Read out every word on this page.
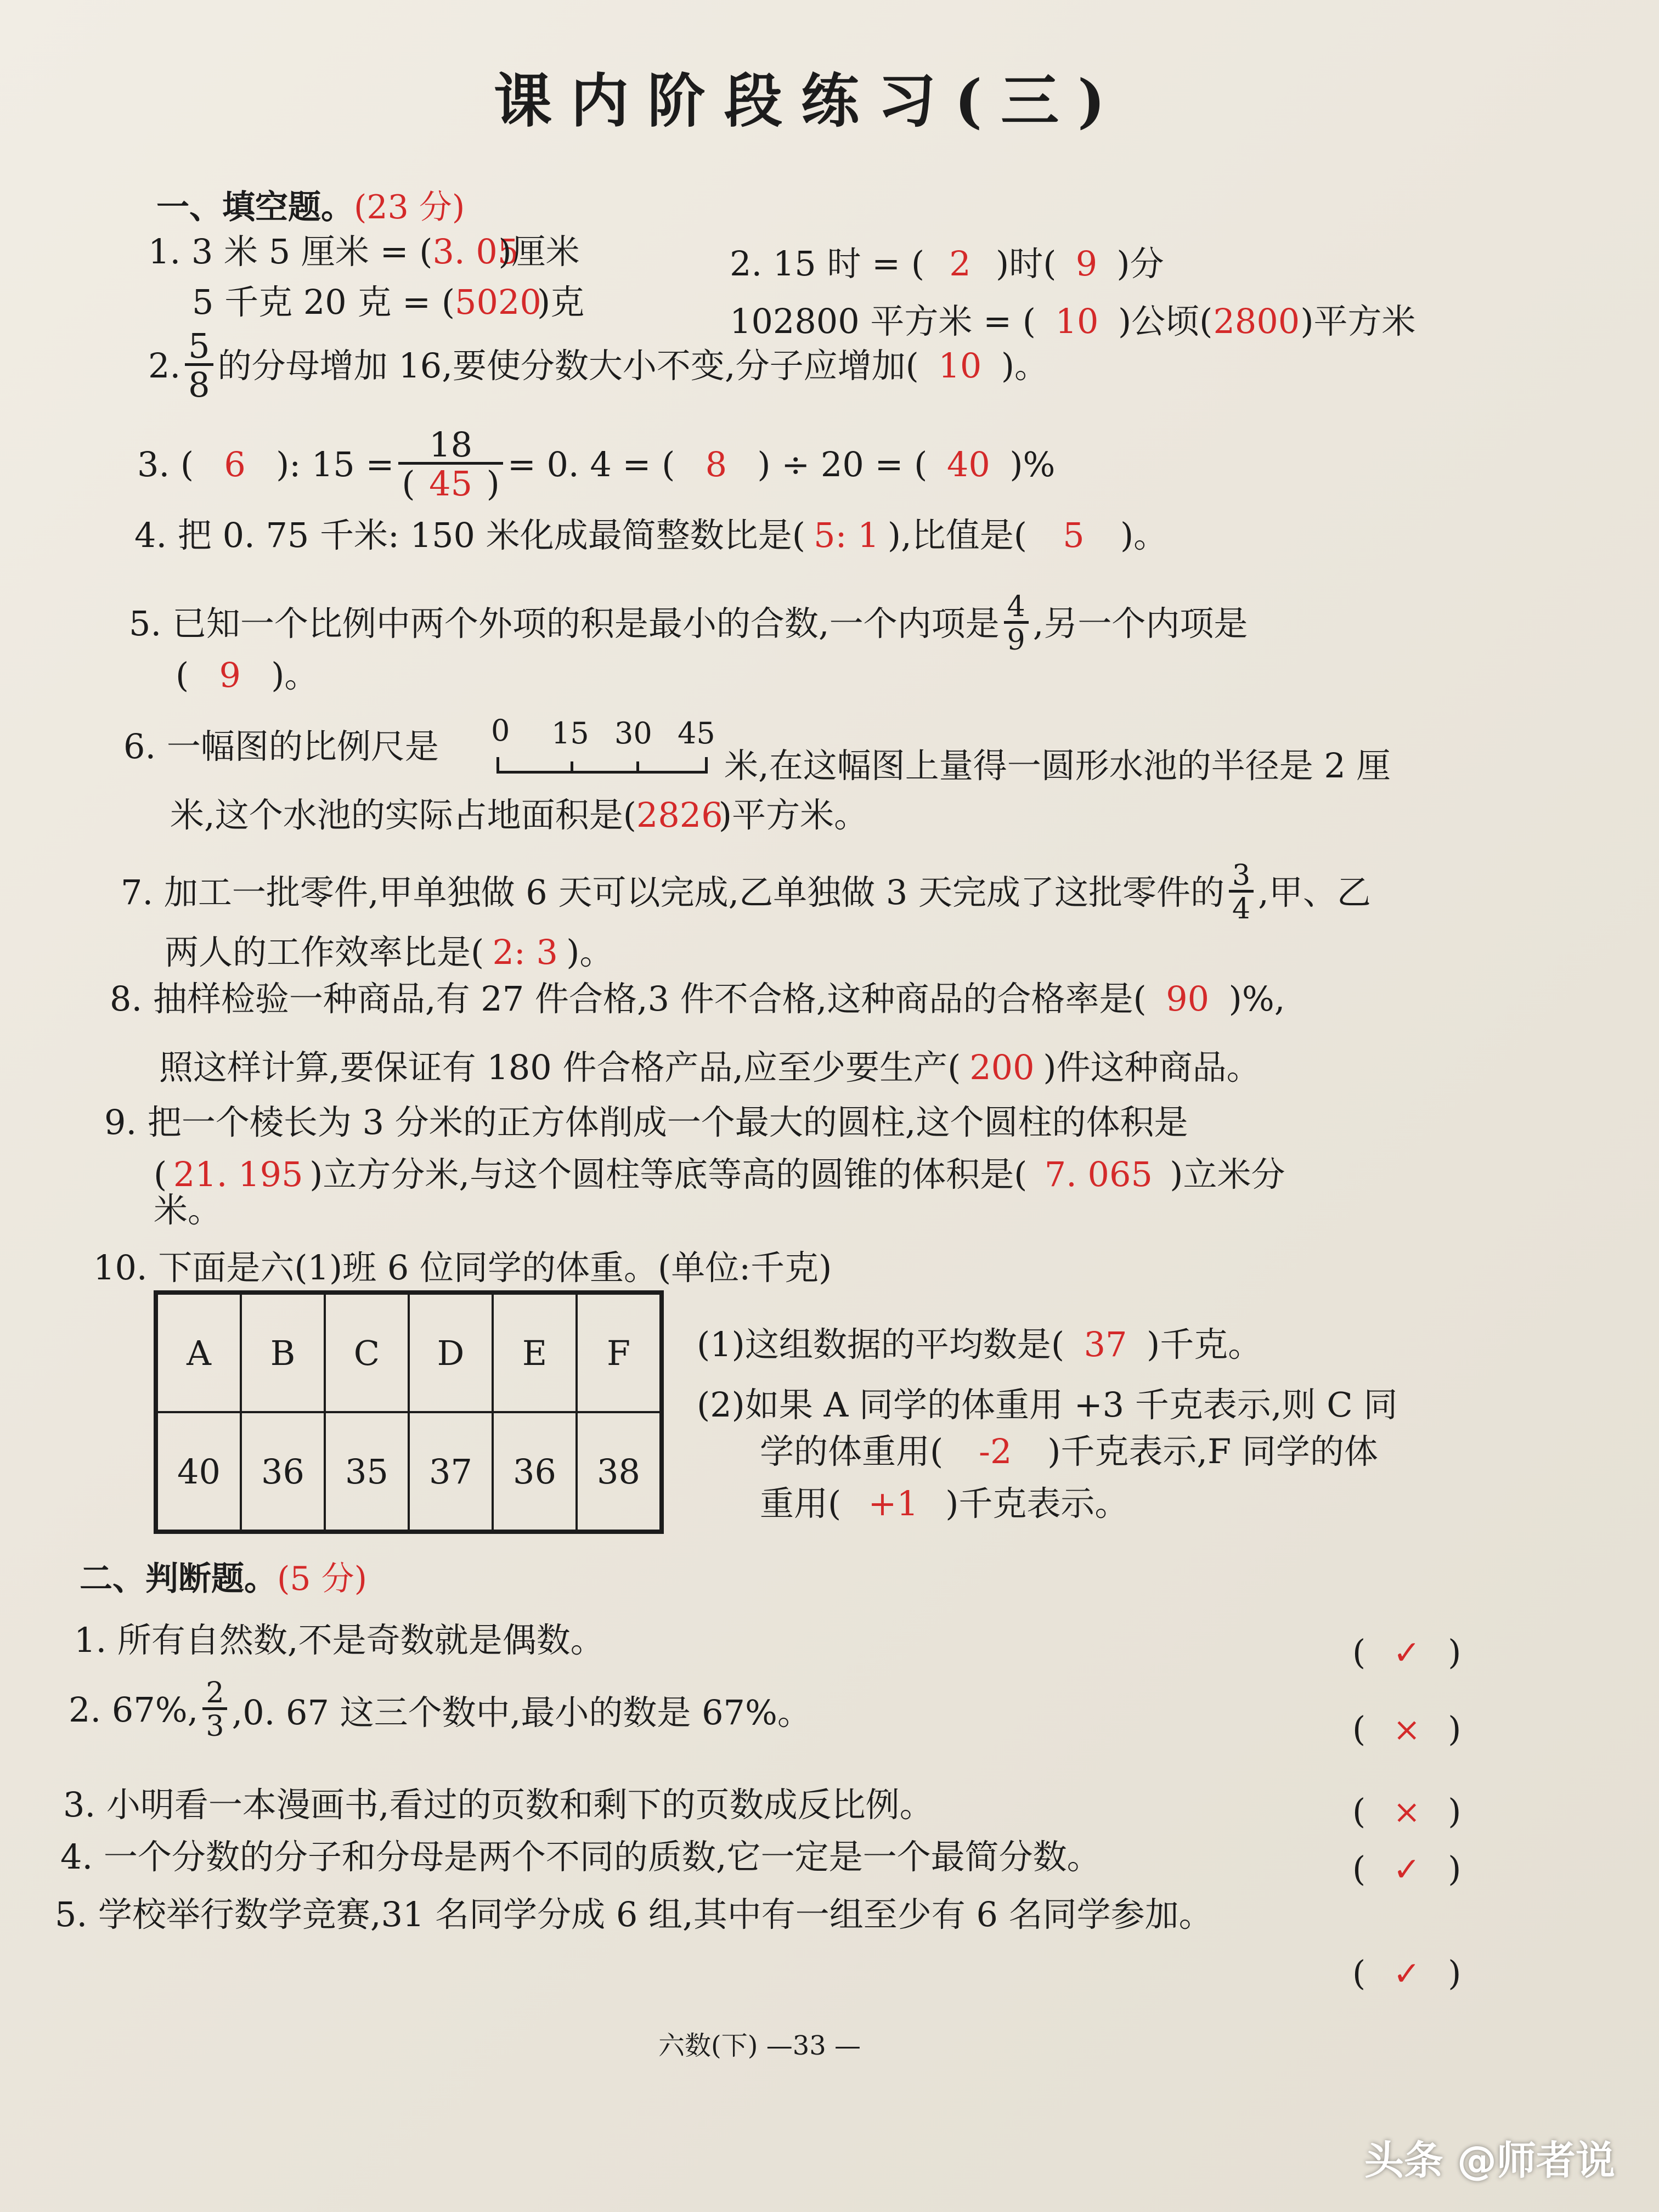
课内阶段练习(三)
一、填空题。(23 分)
1. 3 米 5 厘米 = (3. 05)厘米	2. 15 时 = ( 2 )时( 9 )分
5 千克 20 克 = (5020)克	102800 平方米 = ( 10 )公顷(2800)平方米
2. $\frac{5}{8}$ 的分母增加 16,要使分数大小不变,分子应增加( 10 )。
3.
( 6 ): $15 = \frac{18}{( 45 )} = 0$. 4 = ( 8 ) ÷ 20 = ( 40 )%
4. 把 0. 75 千米: 150 米化成最简整数比是( 5: 1 ),比值是( 5 )。
5.
已知一个比例中两个外项的积是最小的合数,一个内项是 $\frac{4}{9}$ ,另一个内项是
( 9 )。
6. 一幅图的比例尺是 0 15 30 45
米,在这幅图上量得一圆形水池的半径是 2 厘
米,这个水池的实际占地面积是(2826)平方米。
7.
加工一批零件,甲单独做 6 天可以完成,乙单独做 3 天完成了这批零件的 $\frac{3}{4}$ ,甲、乙
两人的工作效率比是( 2: 3 )。
8. 抽样检验一种商品,有 27 件合格,3 件不合格,这种商品的合格率是( 90 )%,
照这样计算,要保证有 180 件合格产品,应至少要生产( 200 )件这种商品。
9. 把一个棱长为 3 分米的正方体削成一个最大的圆柱,这个圆柱的体积是
( 21. 195 )立方分米,与这个圆柱等底等高的圆锥的体积是( 7. 065 )立米分
米。
10. 下面是六(1)班 6 位同学的体重。(单位:千克)
A	B	C	D	E	F
40	36	35	37	36	38
(1)这组数据的平均数是( 37 )千克。
(2)如果 A 同学的体重用 +3 千克表示,则 C 同
学的体重用( -2 )千克表示,F 同学的体
重用( +1 )千克表示。
二、判断题。(5 分)
1. 所有自然数,不是奇数就是偶数。	( ✓ )
2.
67%, $\frac{2}{3} ,0$. 67 这三个数中,最小的数是 67%。	( × )
3. 小明看一本漫画书,看过的页数和剩下的页数成反比例。	( × )
4. 一个分数的分子和分母是两个不同的质数,它一定是一个最简分数。	( ✓ )
5. 学校举行数学竞赛,31 名同学分成 6 组,其中有一组至少有 6 名同学参加。
( ✓ )
六数(下) —33 —
头条 @师者说
